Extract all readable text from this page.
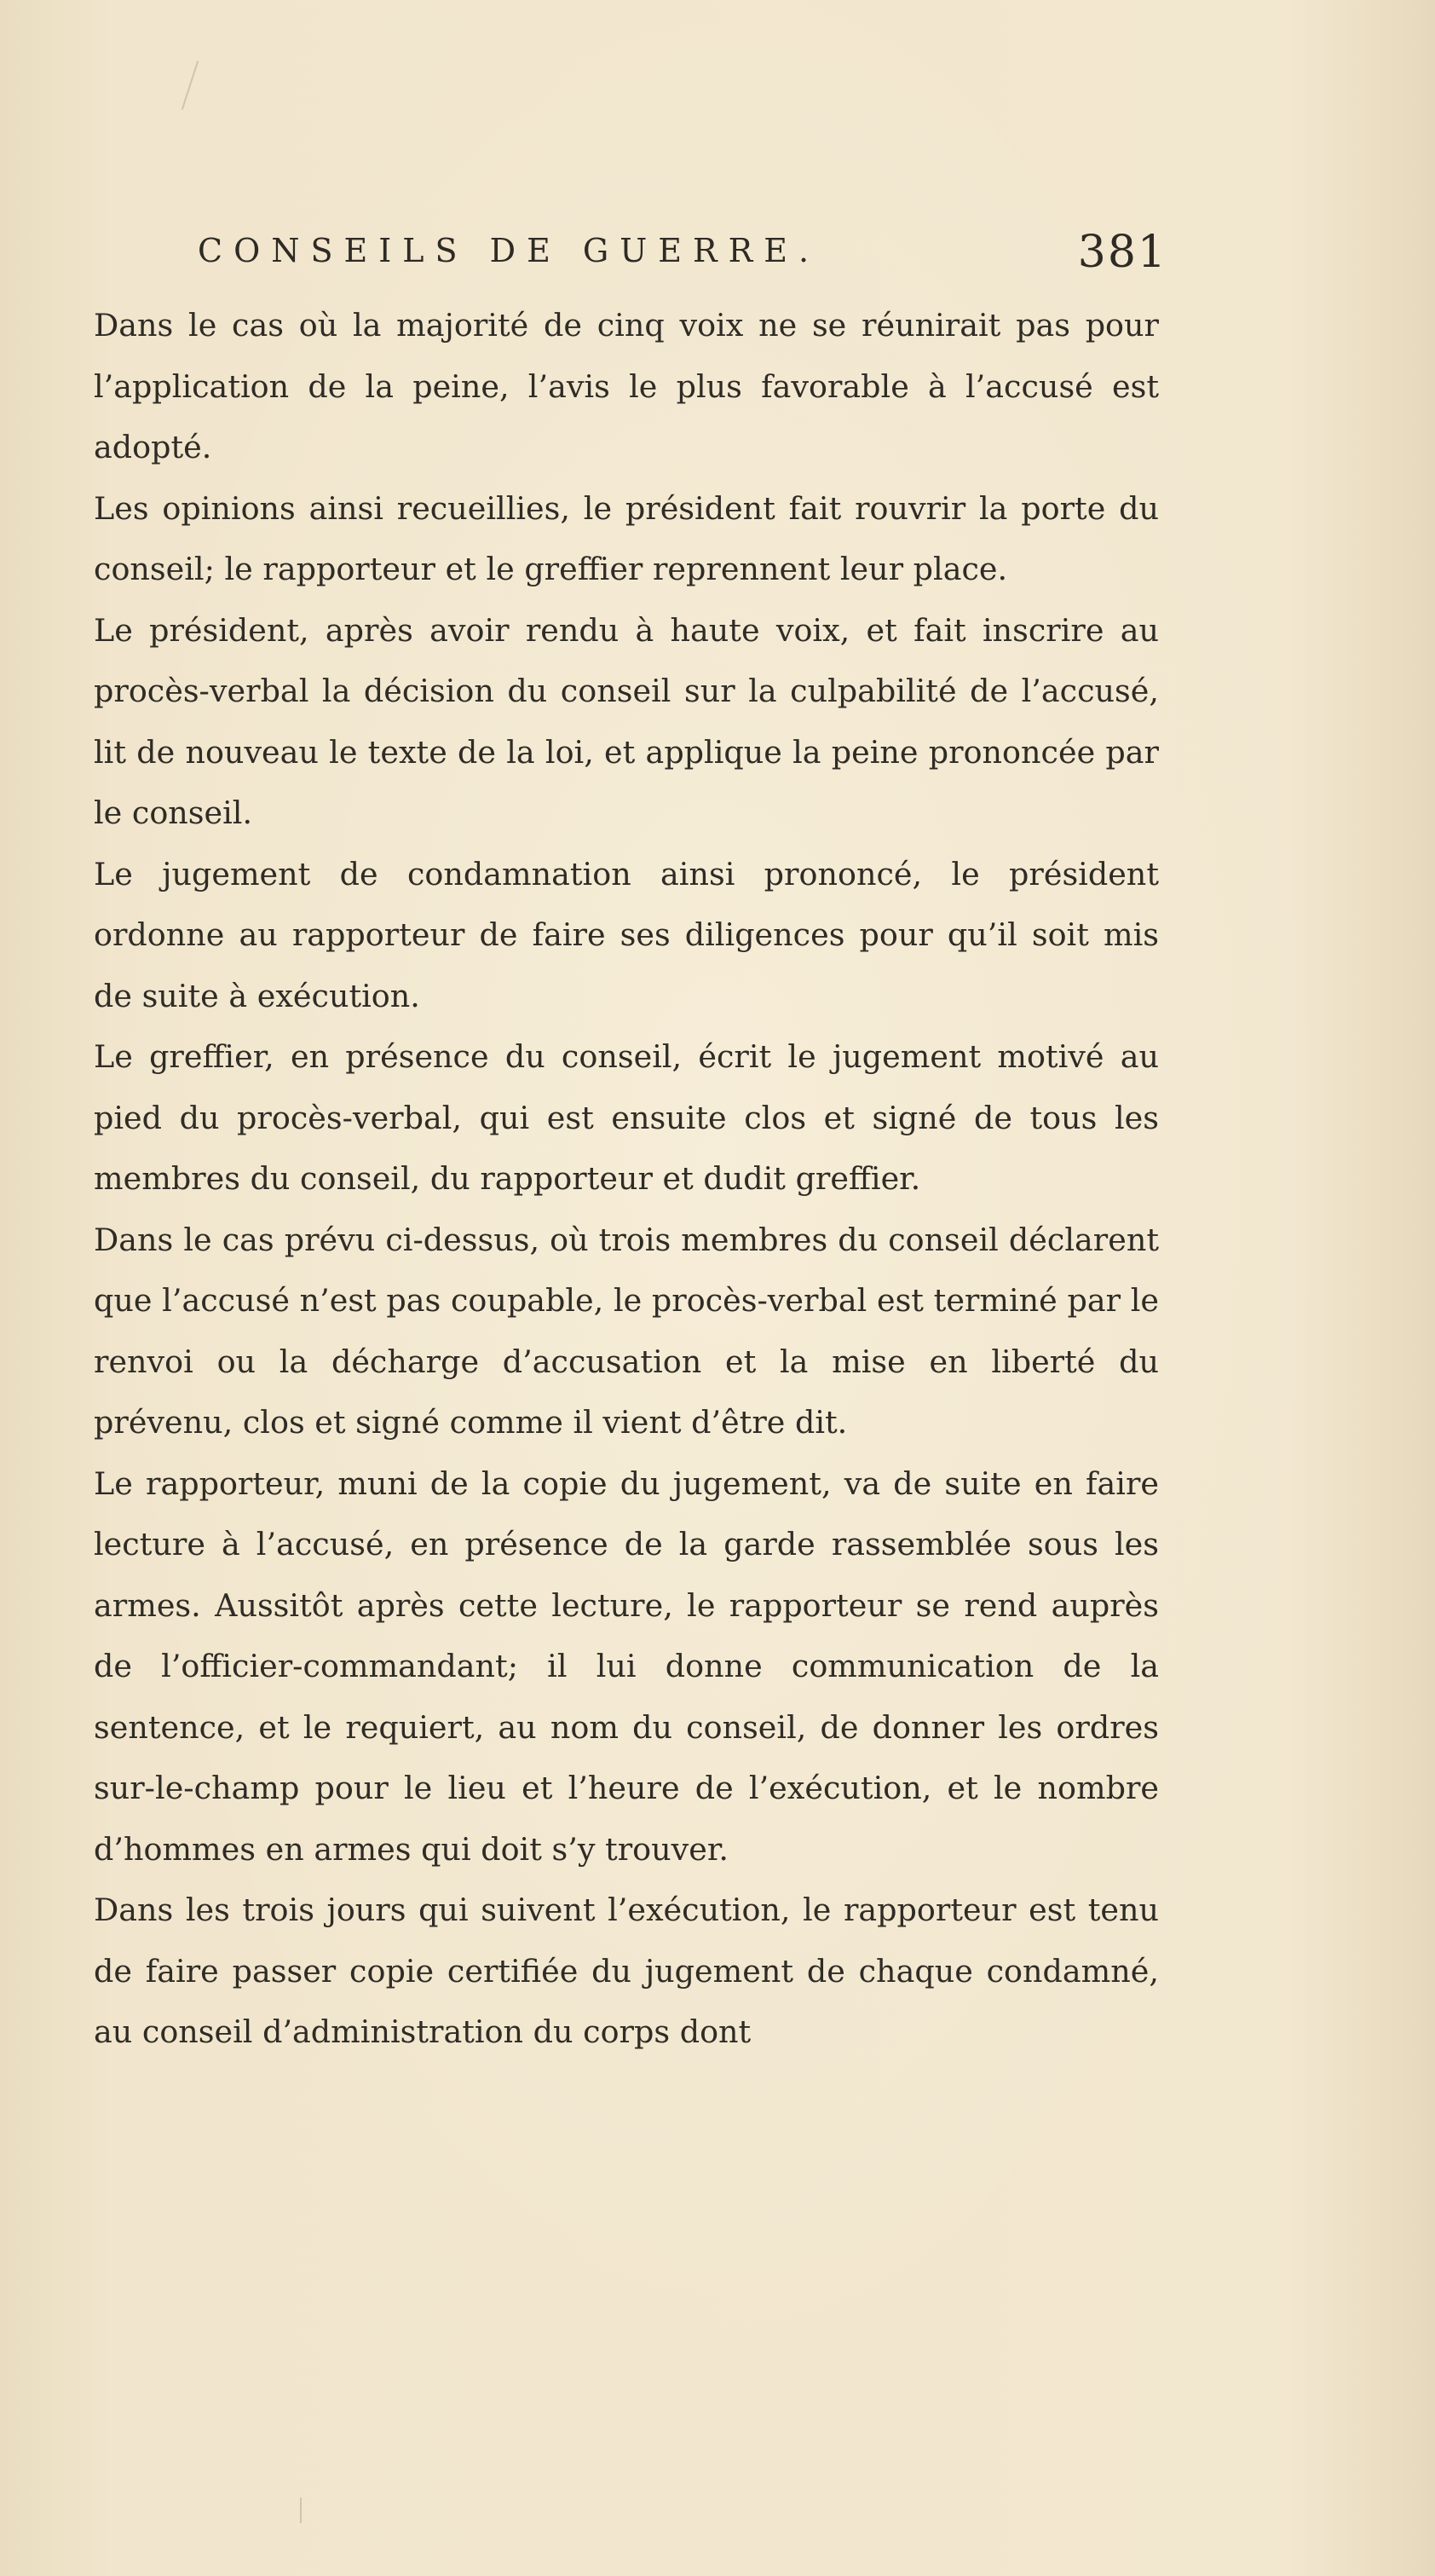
CONSEILS DE GUERRE.	381

Dans le cas où la majorité de cinq voix ne se réunirait pas pour l’application de la peine, l’avis le plus favorable à l’accusé est adopté.

Les opinions ainsi recueillies, le président fait rouvrir la porte du conseil; le rapporteur et le greffier reprennent leur place.

Le président, après avoir rendu à haute voix, et fait inscrire au procès-verbal la décision du conseil sur la culpabilité de l’accusé, lit de nouveau le texte de la loi, et applique la peine prononcée par le conseil.

Le jugement de condamnation ainsi prononcé, le président ordonne au rapporteur de faire ses diligences pour qu’il soit mis de suite à exécution.

Le greffier, en présence du conseil, écrit le jugement motivé au pied du procès-verbal, qui est ensuite clos et signé de tous les membres du conseil, du rapporteur et dudit greffier.

Dans le cas prévu ci-dessus, où trois membres du conseil déclarent que l’accusé n’est pas coupable, le procès-verbal est terminé par le renvoi ou la décharge d’accusation et la mise en liberté du prévenu, clos et signé comme il vient d’être dit.

Le rapporteur, muni de la copie du jugement, va de suite en faire lecture à l’accusé, en présence de la garde rassemblée sous les armes. Aussitôt après cette lecture, le rapporteur se rend auprès de l’officier-commandant; il lui donne communication de la sentence, et le requiert, au nom du conseil, de donner les ordres sur-le-champ pour le lieu et l’heure de l’exécution, et le nombre d’hommes en armes qui doit s’y trouver.

Dans les trois jours qui suivent l’exécution, le rapporteur est tenu de faire passer copie certifiée du jugement de chaque condamné, au conseil d’administration du corps dont
